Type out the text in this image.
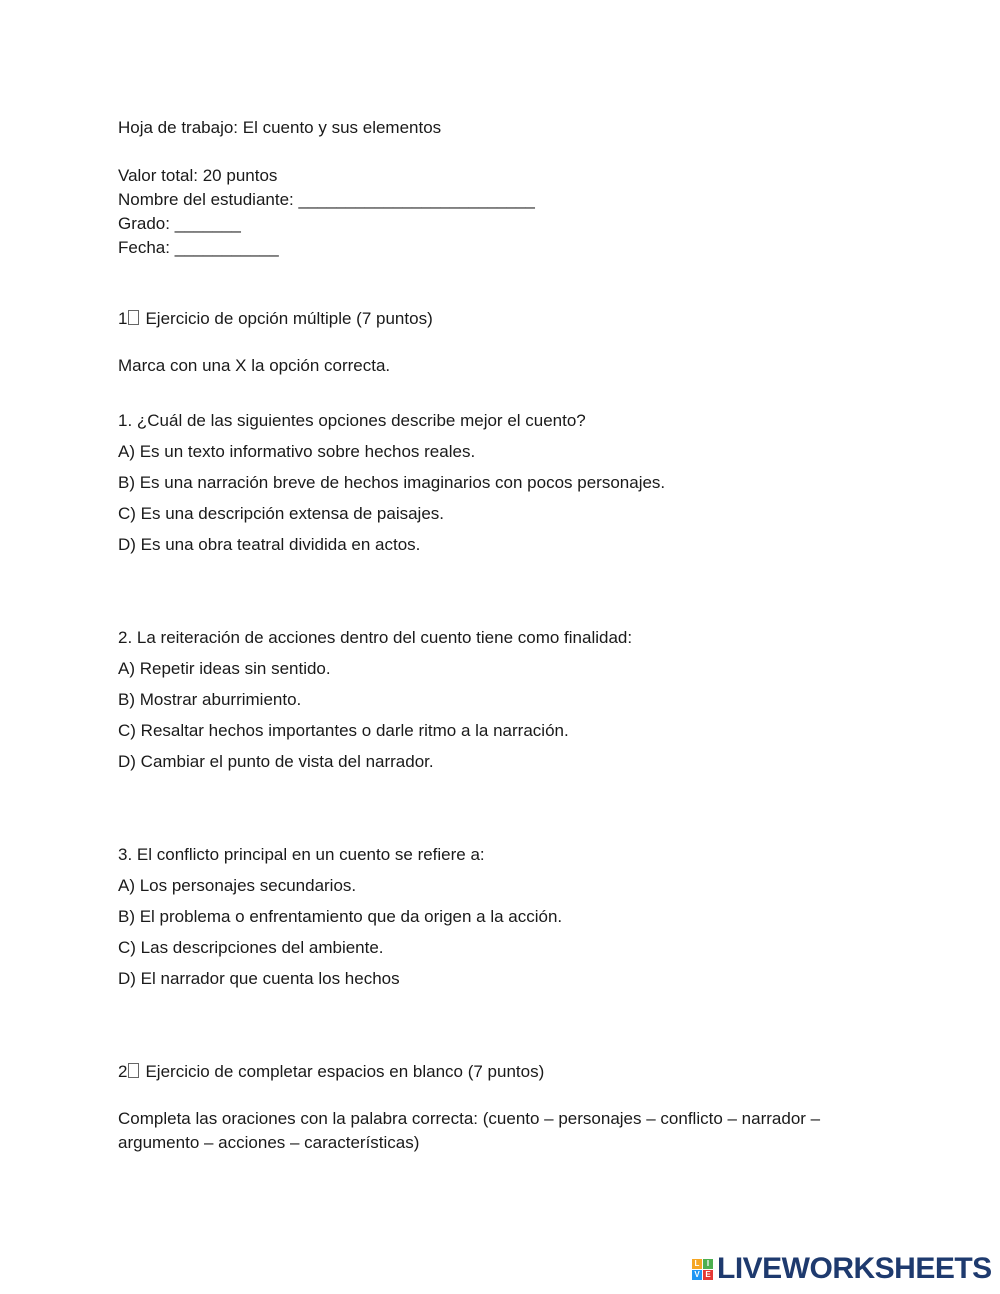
Hoja de trabajo: El cuento y sus elementos
Valor total: 20 puntos
Nombre del estudiante: _________________________
Grado: _______
Fecha: ___________
1 Ejercicio de opción múltiple (7 puntos)
Marca con una X la opción correcta.
1. ¿Cuál de las siguientes opciones describe mejor el cuento?
A) Es un texto informativo sobre hechos reales.
B) Es una narración breve de hechos imaginarios con pocos personajes.
C) Es una descripción extensa de paisajes.
D) Es una obra teatral dividida en actos.
2. La reiteración de acciones dentro del cuento tiene como finalidad:
A) Repetir ideas sin sentido.
B) Mostrar aburrimiento.
C) Resaltar hechos importantes o darle ritmo a la narración.
D) Cambiar el punto de vista del narrador.
3. El conflicto principal en un cuento se refiere a:
A) Los personajes secundarios.
B) El problema o enfrentamiento que da origen a la acción.
C) Las descripciones del ambiente.
D) El narrador que cuenta los hechos
2 Ejercicio de completar espacios en blanco (7 puntos)
Completa las oraciones con la palabra correcta: (cuento – personajes – conflicto – narrador – argumento – acciones – características)
L I
V E LIVEWORKSHEETS
